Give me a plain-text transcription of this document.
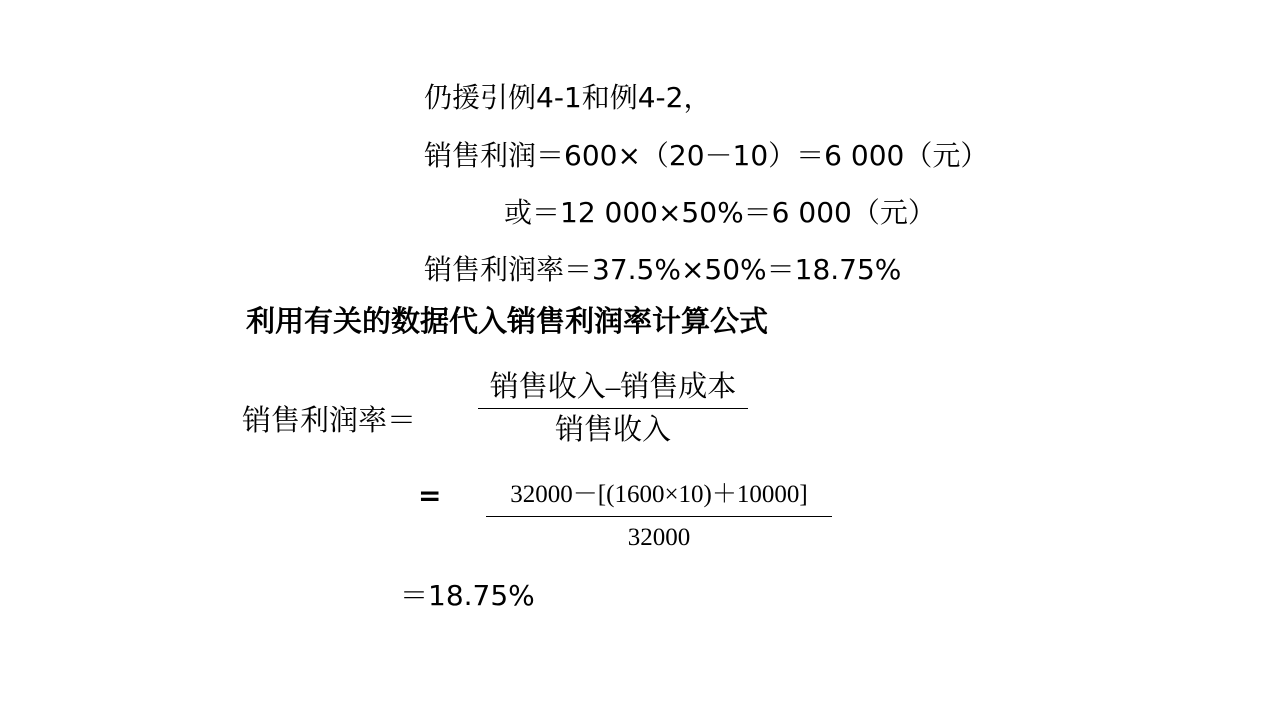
仍援引例4-1和例4-2，
销售利润＝600×（20－10）＝6 000（元）
或＝12 000×50%＝6 000（元）
销售利润率＝37.5%×50%＝18.75%
利用有关的数据代入销售利润率计算公式
销售利润率＝
销售收入–销售成本
销售收入
=	32000－[(1600×10)＋10000]
32000
＝18.75%
